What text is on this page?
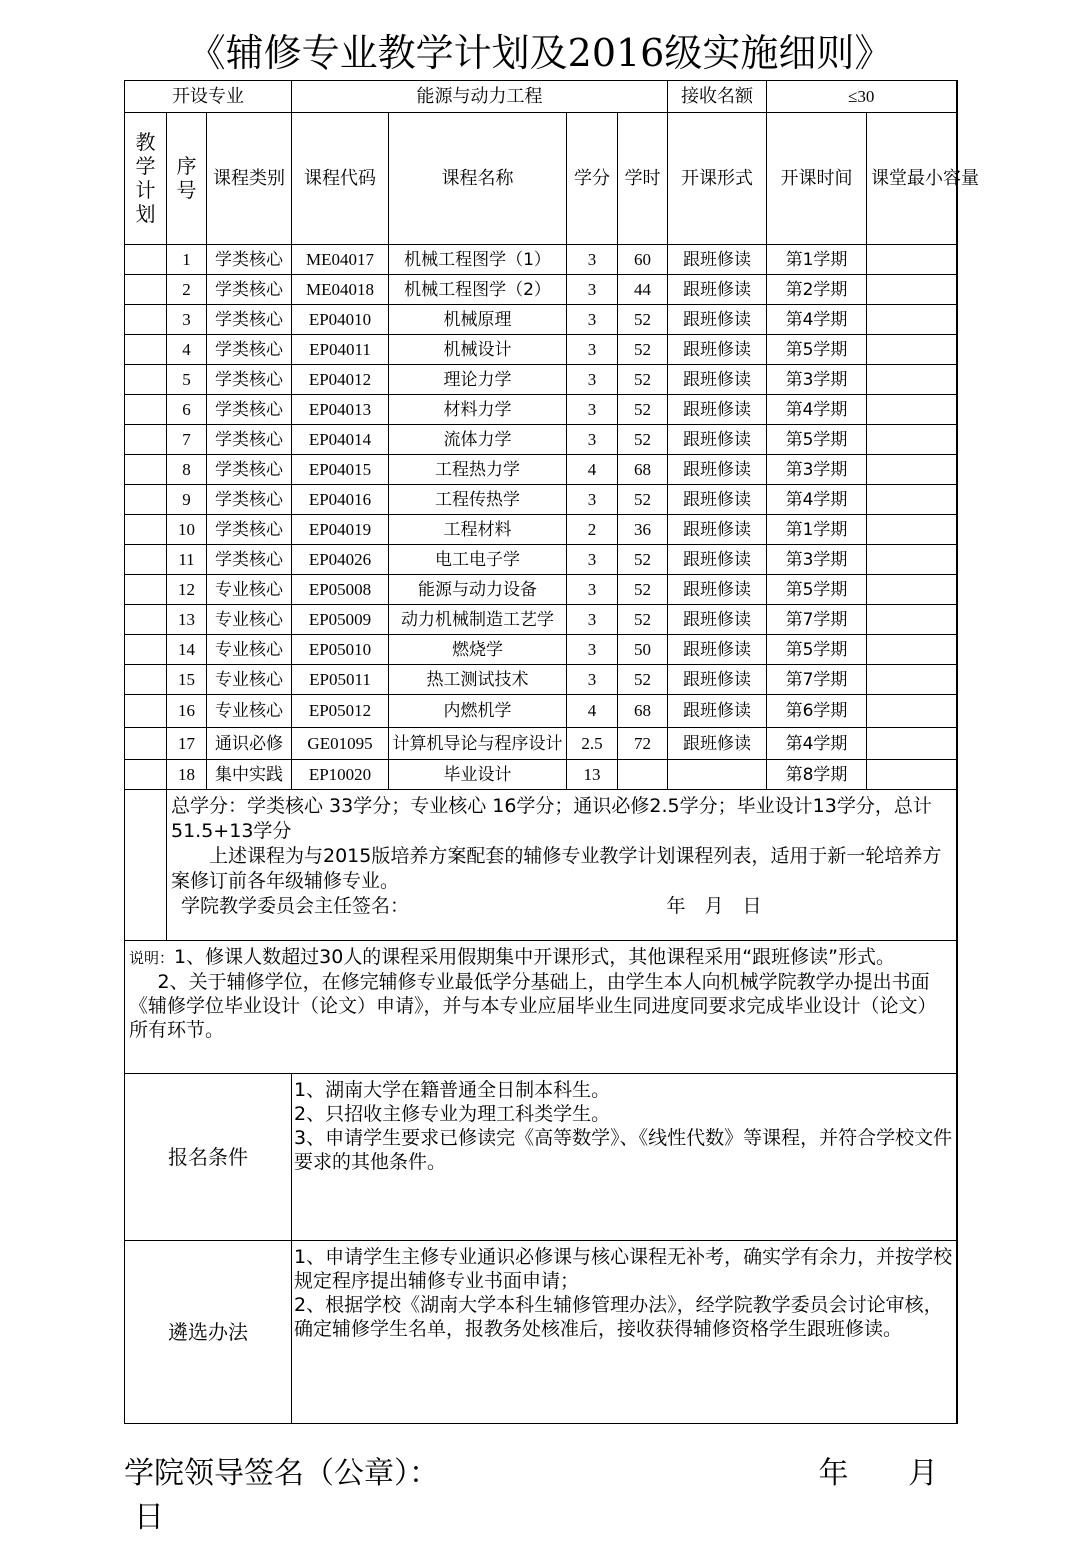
《辅修专业教学计划及2016级实施细则》
开设专业			能源与动力工程				接收名额	≤30	
教学计划	序号	课程类别	课程代码	课程名称	学分	学时	开课形式	开课时间	课堂最小容量
	1	学类核心	ME04017	机械工程图学（1）	3	60	跟班修读	第1学期	
	2	学类核心	ME04018	机械工程图学（2）	3	44	跟班修读	第2学期	
	3	学类核心	EP04010	机械原理	3	52	跟班修读	第4学期	
	4	学类核心	EP04011	机械设计	3	52	跟班修读	第5学期	
	5	学类核心	EP04012	理论力学	3	52	跟班修读	第3学期	
	6	学类核心	EP04013	材料力学	3	52	跟班修读	第4学期	
	7	学类核心	EP04014	流体力学	3	52	跟班修读	第5学期	
	8	学类核心	EP04015	工程热力学	4	68	跟班修读	第3学期	
	9	学类核心	EP04016	工程传热学	3	52	跟班修读	第4学期	
	10	学类核心	EP04019	工程材料	2	36	跟班修读	第1学期	
	11	学类核心	EP04026	电工电子学	3	52	跟班修读	第3学期	
	12	专业核心	EP05008	能源与动力设备	3	52	跟班修读	第5学期	
	13	专业核心	EP05009	动力机械制造工艺学	3	52	跟班修读	第7学期	
	14	专业核心	EP05010	燃烧学	3	50	跟班修读	第5学期	
	15	专业核心	EP05011	热工测试技术	3	52	跟班修读	第7学期	
	16	专业核心	EP05012	内燃机学	4	68	跟班修读	第6学期	
	17	通识必修	GE01095	计算机导论与程序设计	2.5	72	跟班修读	第4学期	
	18	集中实践	EP10020	毕业设计	13			第8学期	

	总学分：学类核心 33学分；专业核心 16学分；通识必修2.5学分；毕业设计13学分，总计51.5+13学分

上述课程为与2015版培养方案配套的辅修专业教学计划课程列表，适用于新一轮培养方案修订前各年级辅修专业。

学院教学委员会主任签名： 年　月　日								

说明：1、修课人数超过30人的课程采用假期集中开课形式，其他课程采用“跟班修读”形式。

2、关于辅修学位，在修完辅修专业最低学分基础上，由学生本人向机械学院教学办提出书面《辅修学位毕业设计（论文）申请》，并与本专业应届毕业生同进度同要求完成毕业设计（论文）所有环节。									

报名条件			1、湖南大学在籍普通全日制本科生。

2、只招收主修专业为理工科类学生。

3、申请学生要求已修读完《高等数学》、《线性代数》等课程，并符合学校文件要求的其他条件。						

遴选办法			1、申请学生主修专业通识必修课与核心课程无补考，确实学有余力，并按学校规定程序提出辅修专业书面申请；

2、根据学校《湖南大学本科生辅修管理办法》，经学院教学委员会讨论审核，确定辅修学生名单，报教务处核准后，接收获得辅修资格学生跟班修读。						

学院领导签名（公章）：	年 月
日
